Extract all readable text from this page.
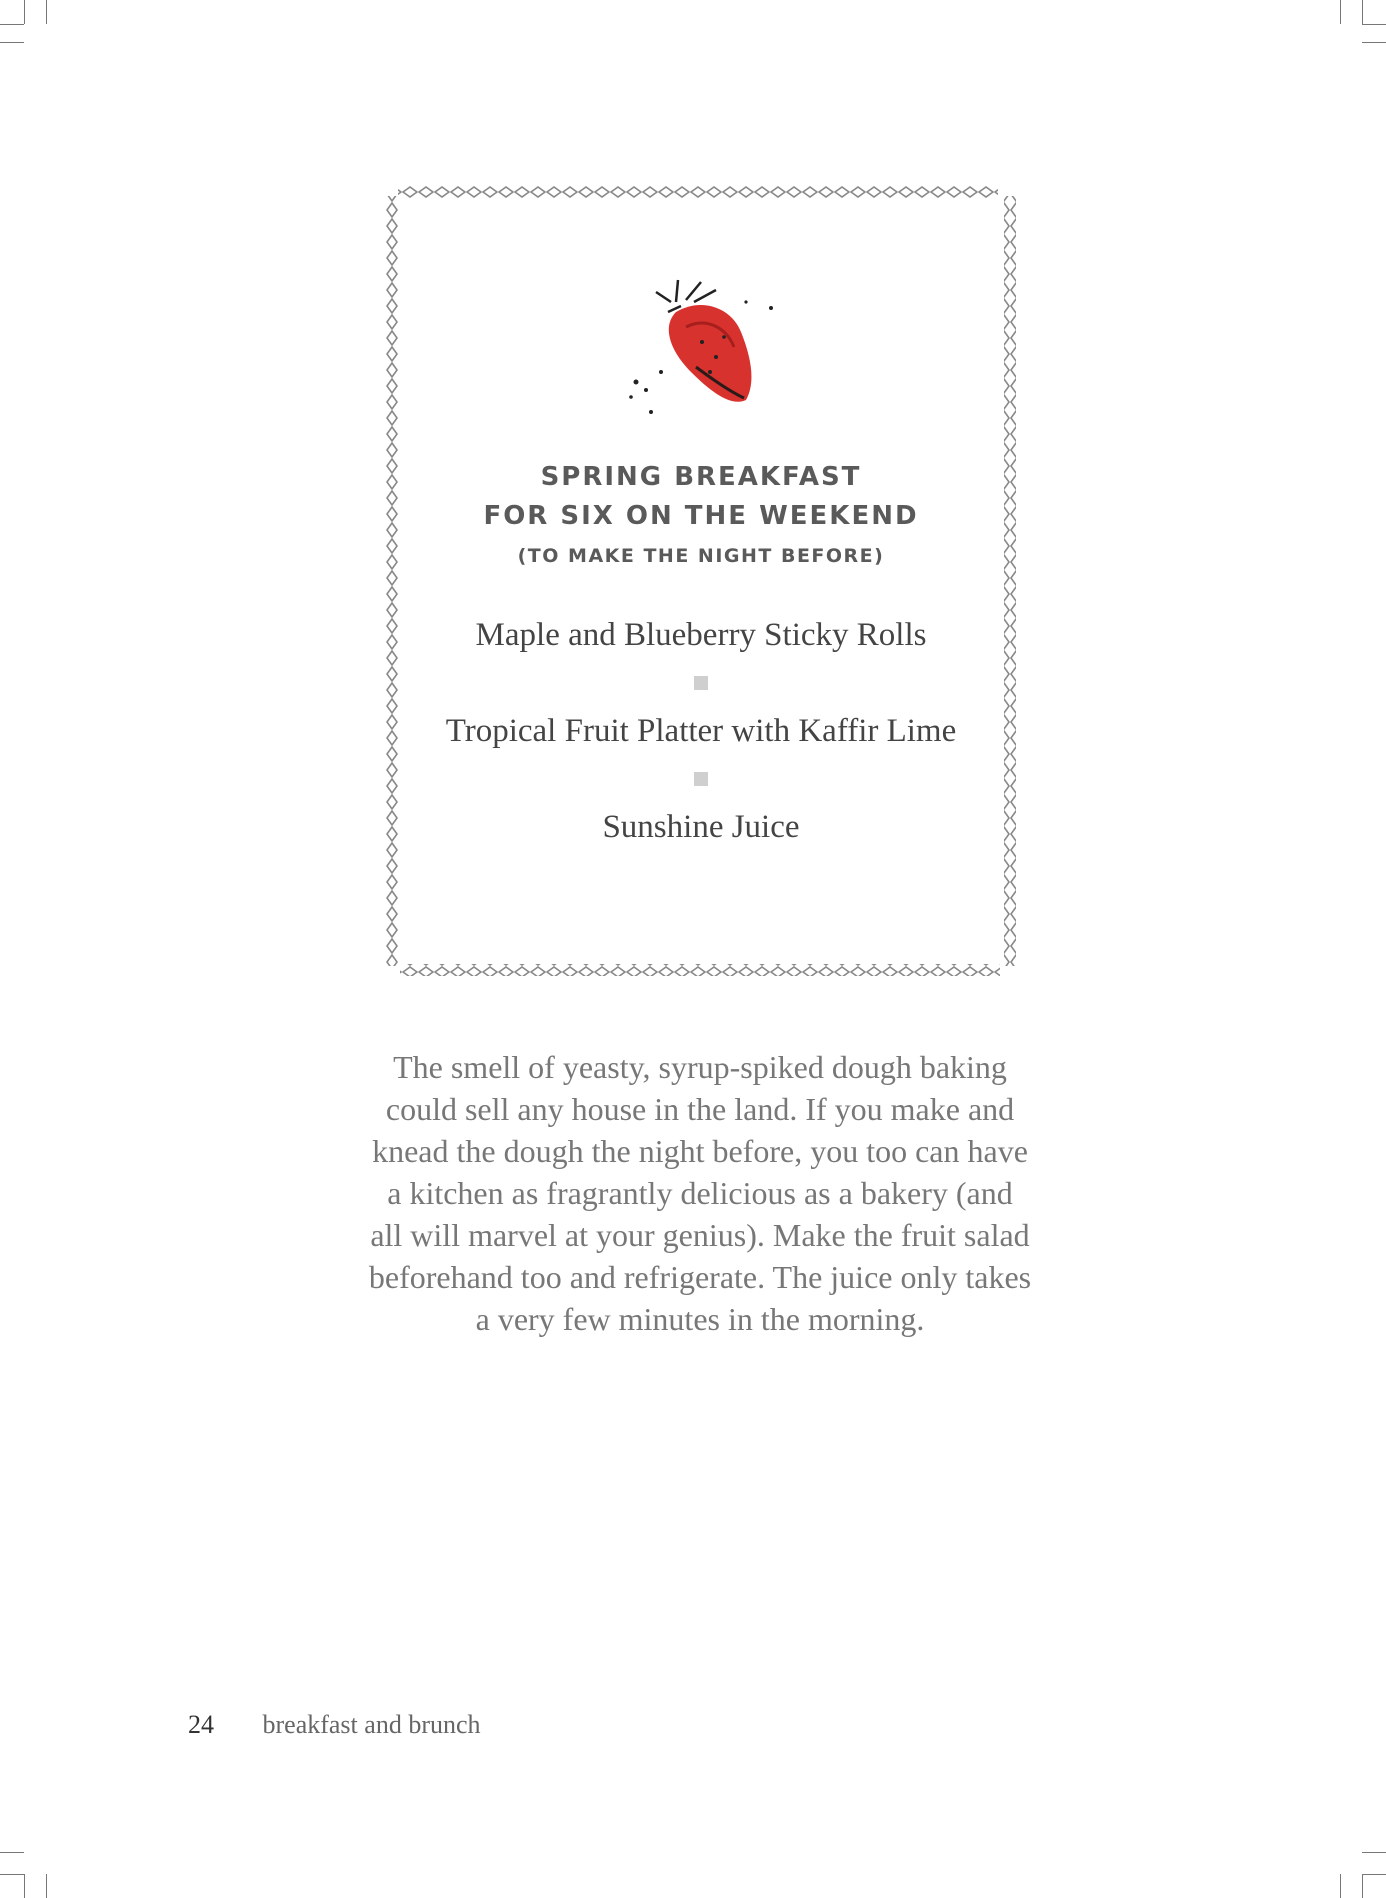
SPRING BREAKFAST
FOR SIX ON THE WEEKEND
(TO MAKE THE NIGHT BEFORE)
Maple and Blueberry Sticky Rolls
Tropical Fruit Platter with Kaffir Lime
Sunshine Juice
The smell of yeasty, syrup-spiked dough baking
could sell any house in the land. If you make and
knead the dough the night before, you too can have
a kitchen as fragrantly delicious as a bakery (and
all will marvel at your genius). Make the fruit salad
beforehand too and refrigerate. The juice only takes
a very few minutes in the morning.
24 breakfast and brunch
